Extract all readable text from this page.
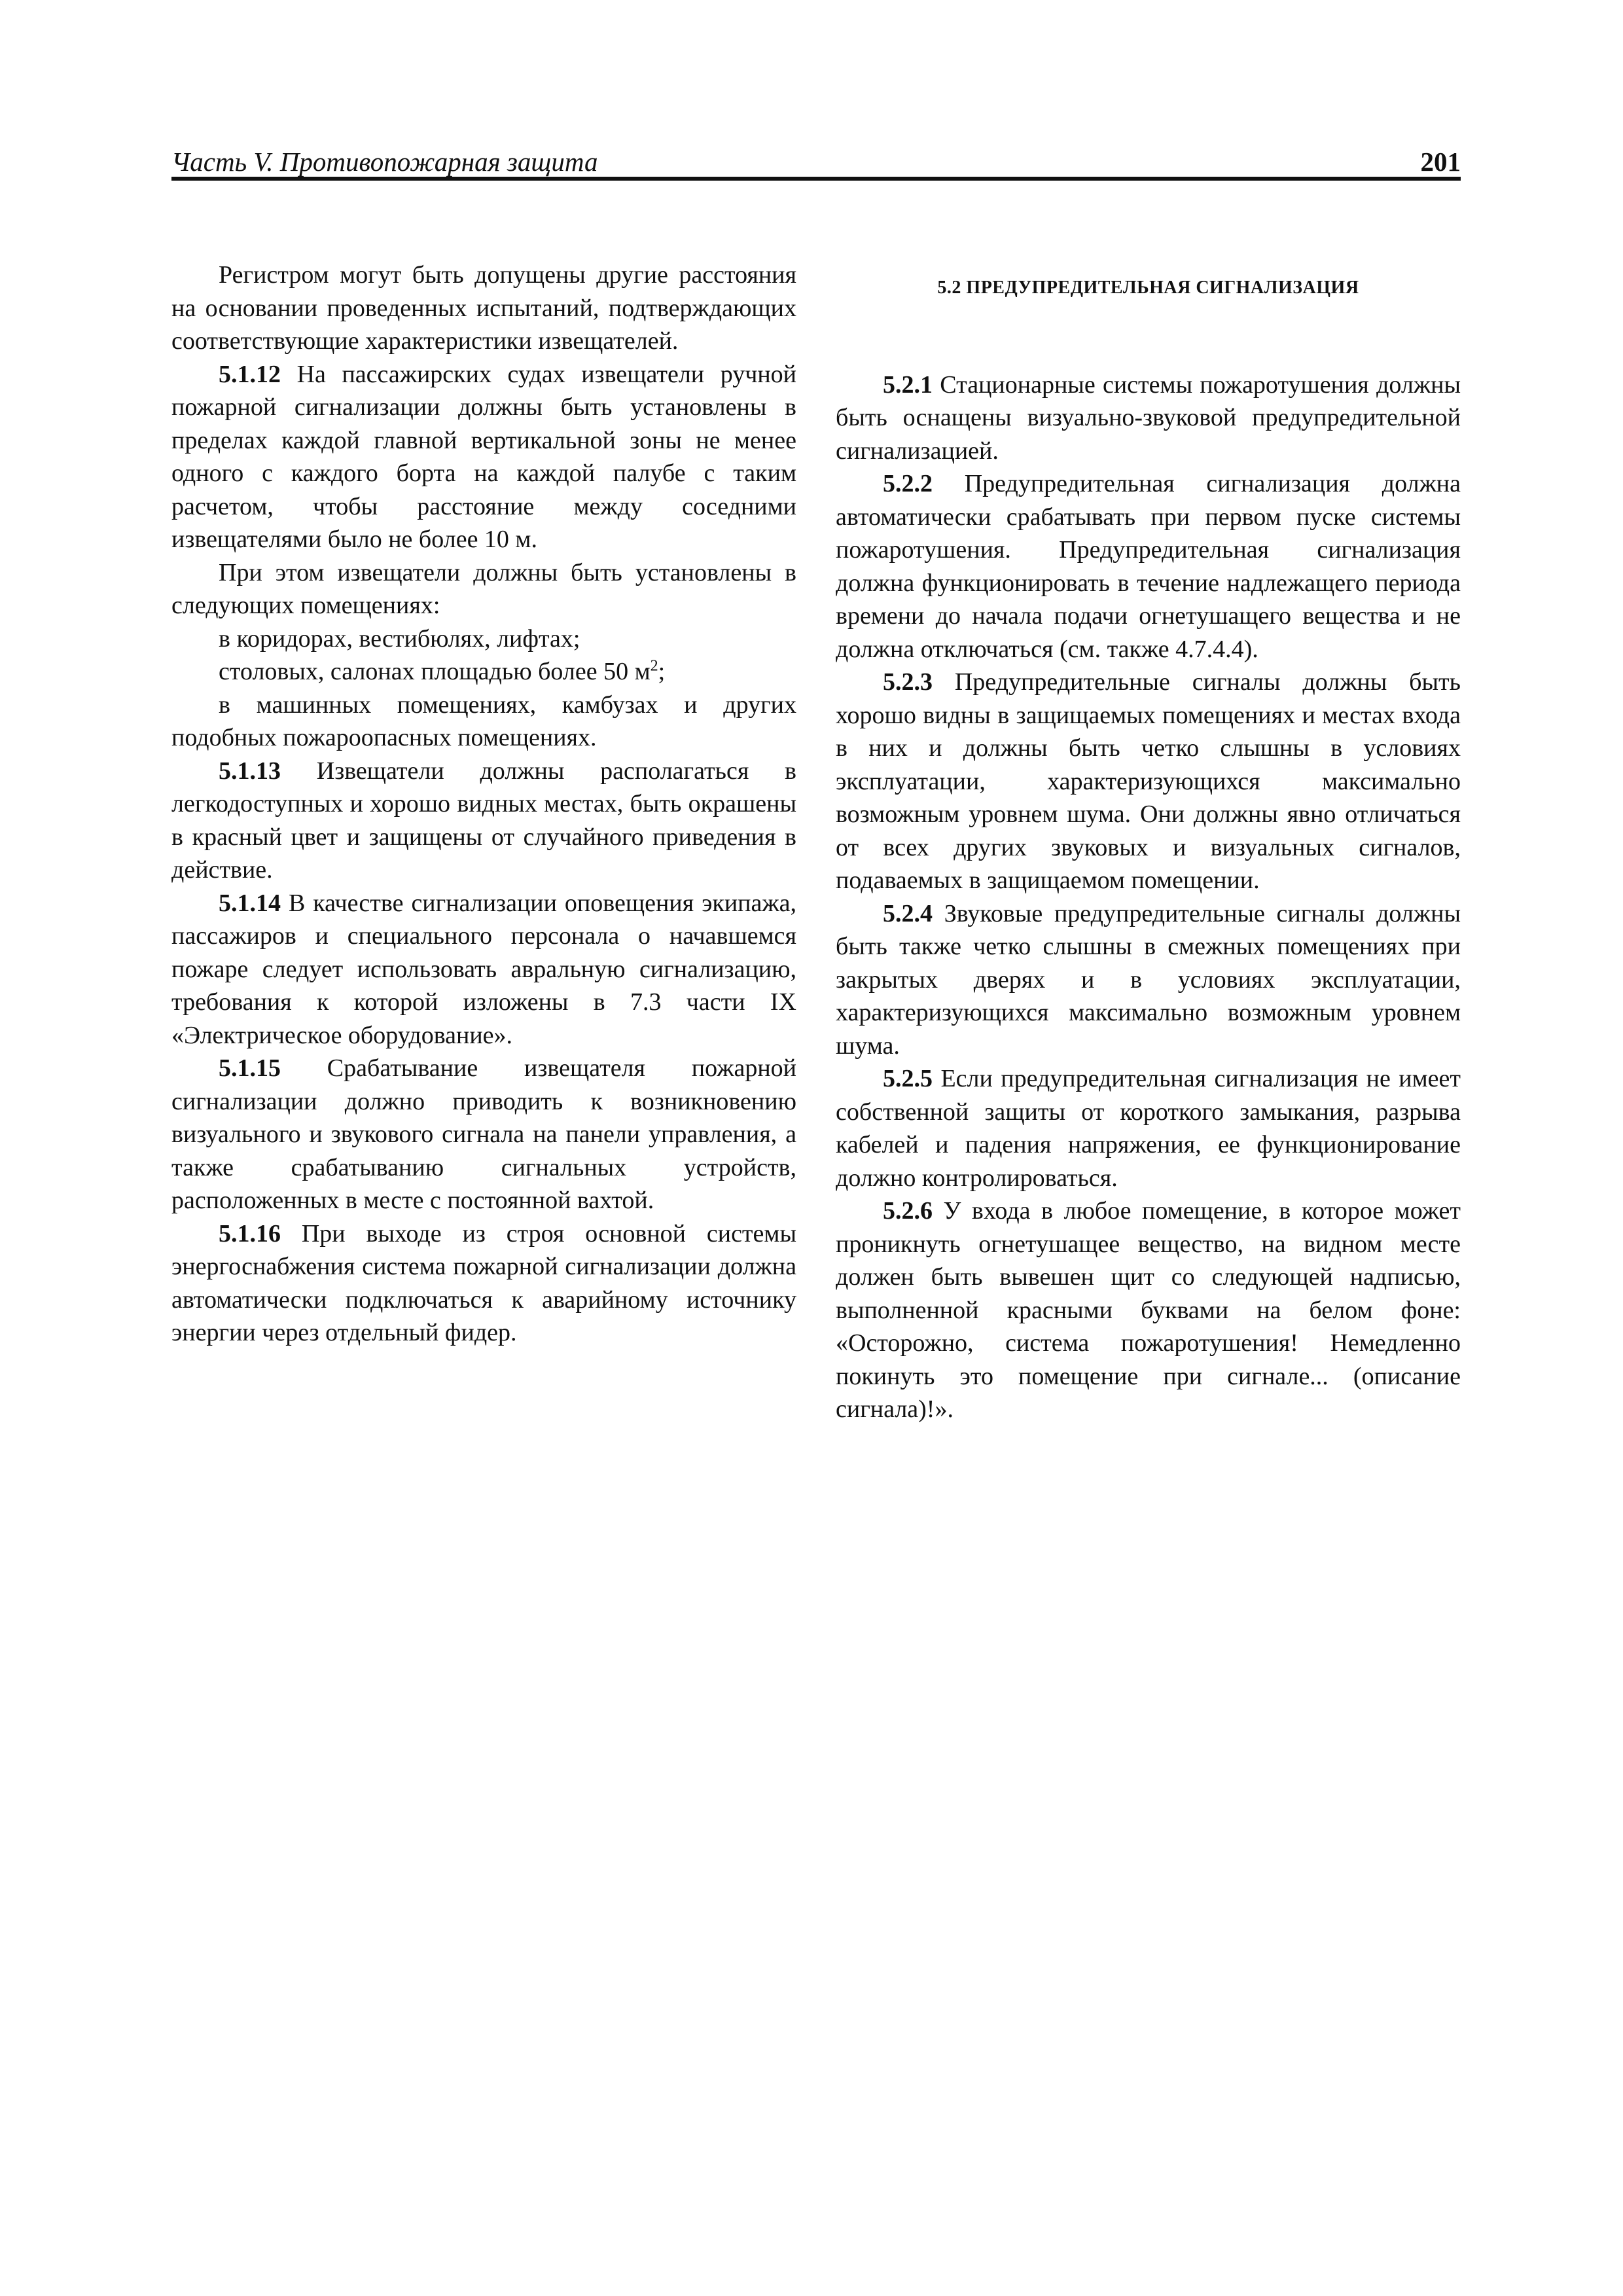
Часть V. Противопожарная защита	201

Регистром могут быть допущены другие расстояния на основании проведенных испытаний, подтверждающих соответствующие характеристики извещателей.

5.1.12 На пассажирских судах извещатели ручной пожарной сигнализации должны быть установлены в пределах каждой главной вертикальной зоны не менее одного с каждого борта на каждой палубе с таким расчетом, чтобы расстояние между соседними извещателями было не более 10 м.

При этом извещатели должны быть установлены в следующих помещениях:

в коридорах, вестибюлях, лифтах;

столовых, салонах площадью более 50 $м^2$;

в машинных помещениях, камбузах и других подобных пожароопасных помещениях.

5.1.13 Извещатели должны располагаться в легкодоступных и хорошо видных местах, быть окрашены в красный цвет и защищены от случайного приведения в действие.

5.1.14 В качестве сигнализации оповещения экипажа, пассажиров и специального персонала о начавшемся пожаре следует использовать авральную сигнализацию, требования к которой изложены в 7.3 части IX «Электрическое оборудование».

5.1.15 Срабатывание извещателя пожарной сигнализации должно приводить к возникновению визуального и звукового сигнала на панели управления, а также срабатыванию сигнальных устройств, расположенных в месте с постоянной вахтой.

5.1.16 При выходе из строя основной системы энергоснабжения система пожарной сигнализации должна автоматически подключаться к аварийному источнику энергии через отдельный фидер.

5.2 ПРЕДУПРЕДИТЕЛЬНАЯ СИГНАЛИЗАЦИЯ

5.2.1 Стационарные системы пожаротушения должны быть оснащены визуально-звуковой предупредительной сигнализацией.

5.2.2 Предупредительная сигнализация должна автоматически срабатывать при первом пуске системы пожаротушения. Предупредительная сигнализация должна функционировать в течение надлежащего периода времени до начала подачи огнетушащего вещества и не должна отключаться (см. также 4.7.4.4).

5.2.3 Предупредительные сигналы должны быть хорошо видны в защищаемых помещениях и местах входа в них и должны быть четко слышны в условиях эксплуатации, характеризующихся максимально возможным уровнем шума. Они должны явно отличаться от всех других звуковых и визуальных сигналов, подаваемых в защищаемом помещении.

5.2.4 Звуковые предупредительные сигналы должны быть также четко слышны в смежных помещениях при закрытых дверях и в условиях эксплуатации, характеризующихся максимально возможным уровнем шума.

5.2.5 Если предупредительная сигнализация не имеет собственной защиты от короткого замыкания, разрыва кабелей и падения напряжения, ее функционирование должно контролироваться.

5.2.6 У входа в любое помещение, в которое может проникнуть огнетушащее вещество, на видном месте должен быть вывешен щит со следующей надписью, выполненной красными буквами на белом фоне: «Осторожно, система пожаротушения! Немедленно покинуть это помещение при сигнале... (описание сигнала)!».
